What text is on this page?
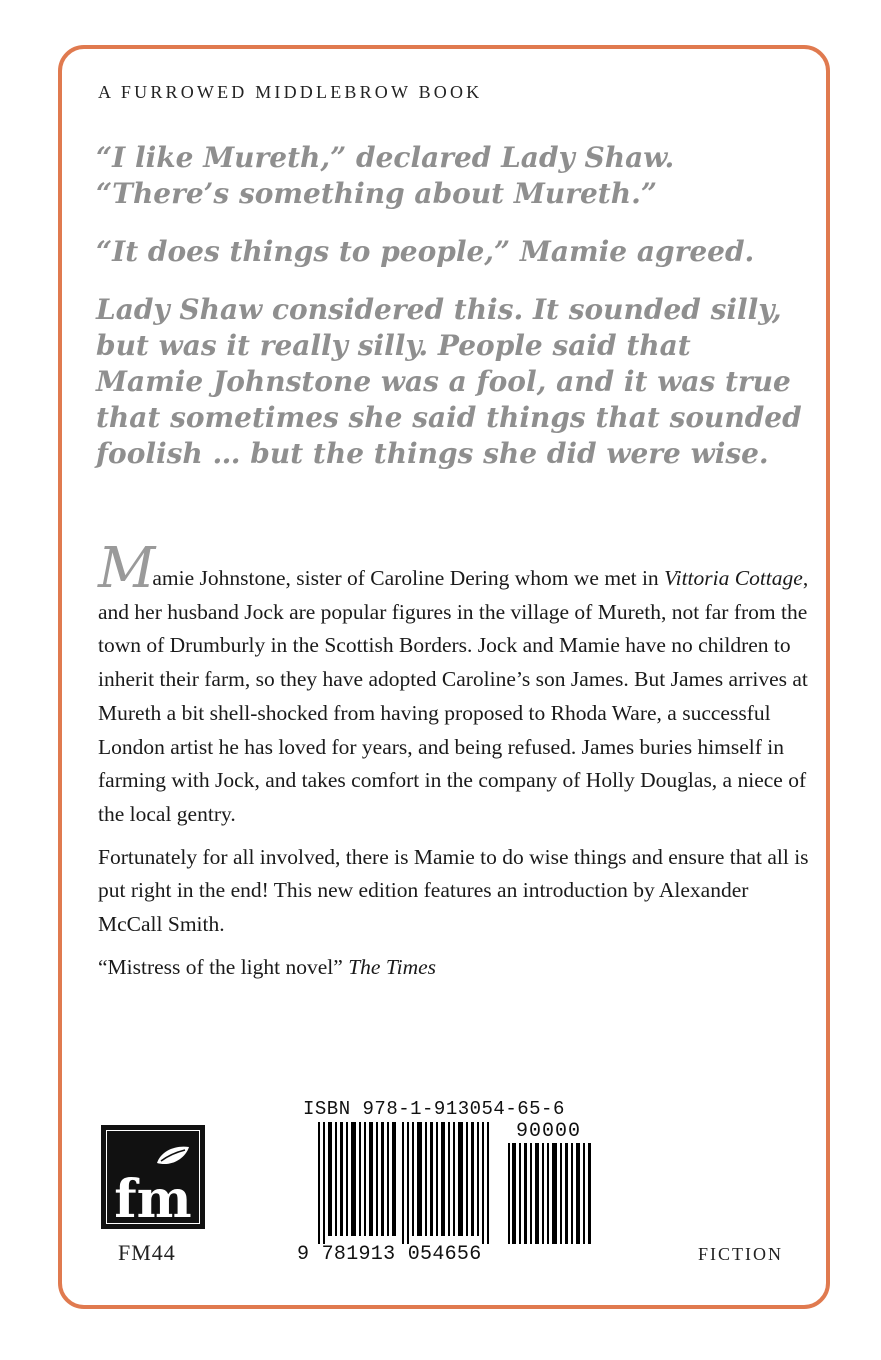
A FURROWED MIDDLEBROW BOOK

“I like Mureth,” declared Lady Shaw. “There’s something about Mureth.”

“It does things to people,” Mamie agreed.

Lady Shaw considered this. It sounded silly, but was it really silly. People said that Mamie Johnstone was a fool, and it was true that sometimes she said things that sounded foolish … but the things she did were wise.

Mamie Johnstone, sister of Caroline Dering whom we met in Vittoria Cottage, and her husband Jock are popular figures in the village of Mureth, not far from the town of Drumburly in the Scottish Borders. Jock and Mamie have no children to inherit their farm, so they have adopted Caroline’s son James. But James arrives at Mureth a bit shell-shocked from having proposed to Rhoda Ware, a successful London artist he has loved for years, and being refused. James buries himself in farming with Jock, and takes comfort in the company of Holly Douglas, a niece of the local gentry.

Fortunately for all involved, there is Mamie to do wise things and ensure that all is put right in the end! This new edition features an introduction by Alexander McCall Smith.

“Mistress of the light novel” The Times

fm
FM44	FICTION
ISBN 978-1-913054-65-6
90000
9 781913 054656
